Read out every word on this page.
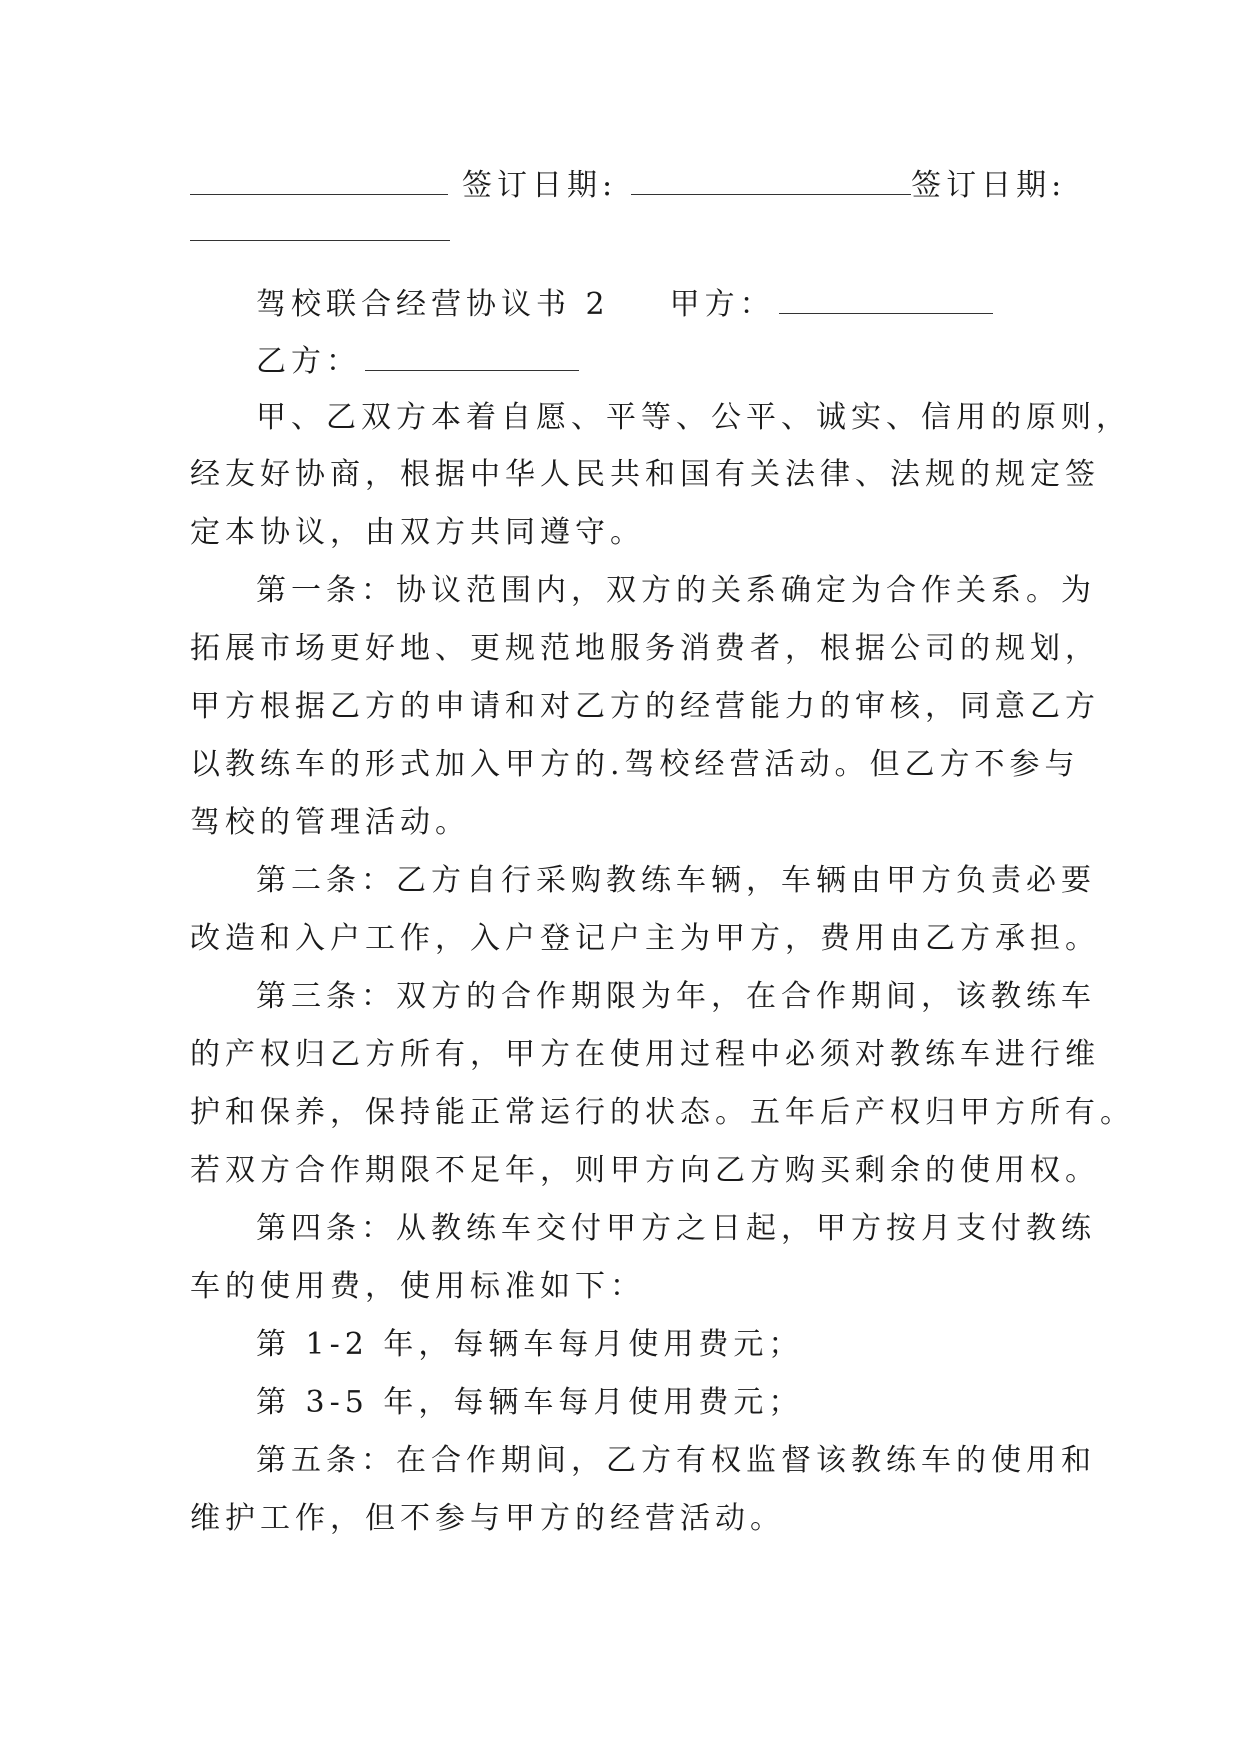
签订日期:	签订日期:
驾校联合经营协议书 2 甲方：
乙方：
甲、乙双方本着自愿、平等、公平、诚实、信用的原则，
经友好协商，根据中华人民共和国有关法律、法规的规定签
定本协议，由双方共同遵守。
第一条：协议范围内，双方的关系确定为合作关系。为
拓展市场更好地、更规范地服务消费者，根据公司的规划，
甲方根据乙方的申请和对乙方的经营能力的审核，同意乙方
以教练车的形式加入甲方的.驾校经营活动。但乙方不参与
驾校的管理活动。
第二条：乙方自行采购教练车辆，车辆由甲方负责必要
改造和入户工作，入户登记户主为甲方，费用由乙方承担。
第三条：双方的合作期限为年，在合作期间，该教练车
的产权归乙方所有，甲方在使用过程中必须对教练车进行维
护和保养，保持能正常运行的状态。五年后产权归甲方所有。
若双方合作期限不足年，则甲方向乙方购买剩余的使用权。
第四条：从教练车交付甲方之日起，甲方按月支付教练
车的使用费，使用标准如下：
第 1-2 年，每辆车每月使用费元；
第 3-5 年，每辆车每月使用费元；
第五条：在合作期间，乙方有权监督该教练车的使用和
维护工作，但不参与甲方的经营活动。
